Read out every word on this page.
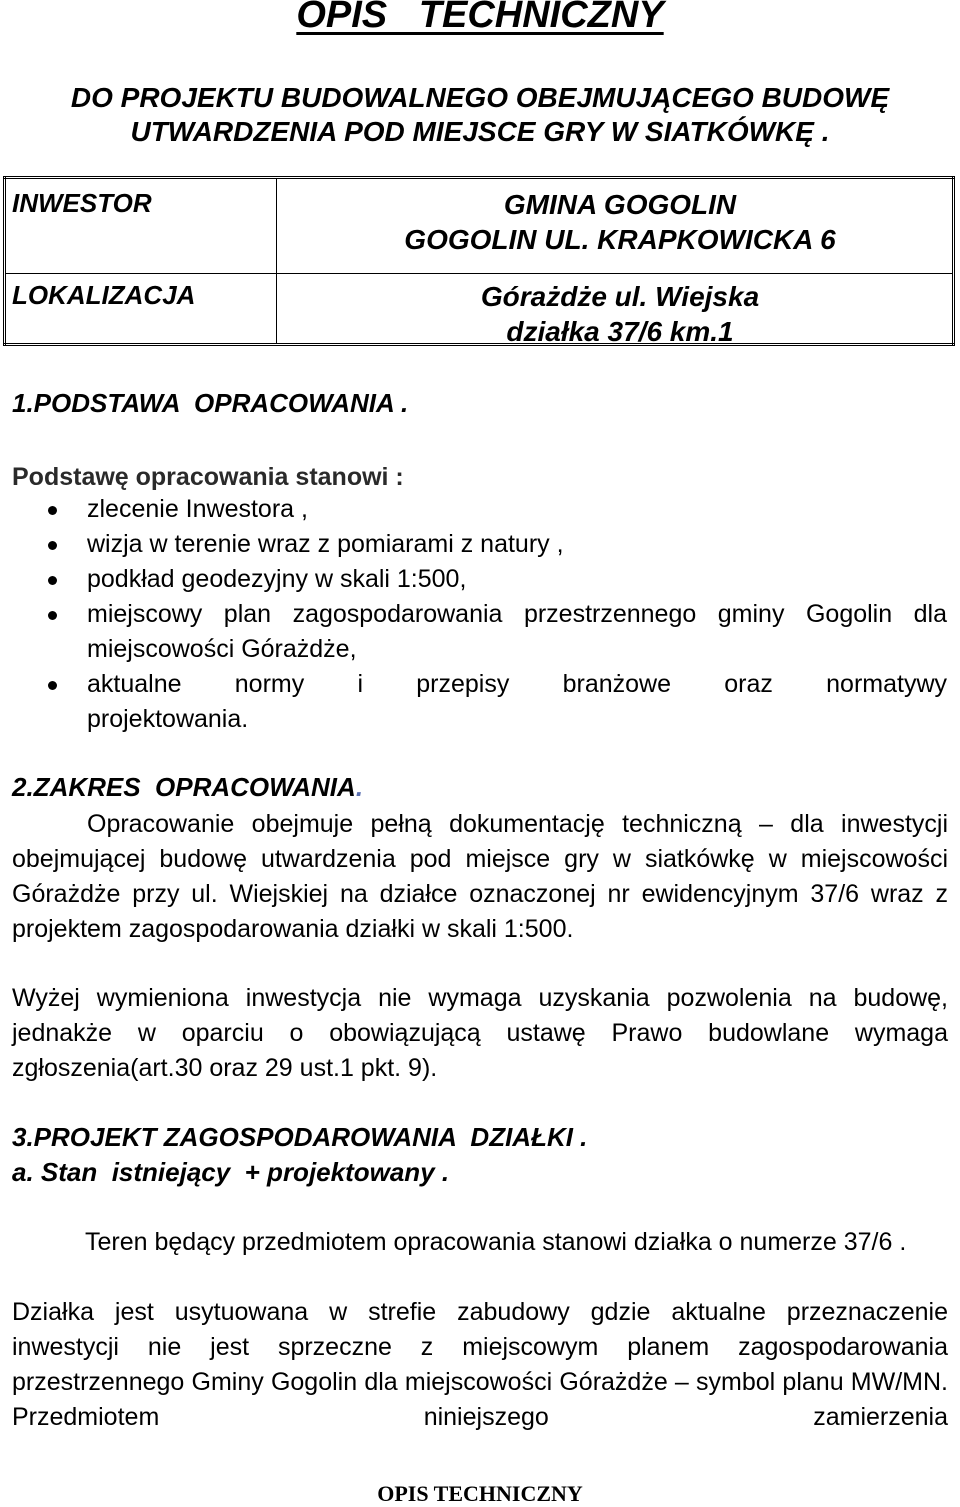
OPIS   TECHNICZNY
DO PROJEKTU BUDOWALNEGO OBEJMUJĄCEGO BUDOWĘ
UTWARDZENIA POD MIEJSCE GRY W SIATKÓWKĘ .

INWESTOR	GMINA GOGOLIN
GOGOLIN UL. KRAPKOWICKA 6
LOKALIZACJA	Górażdże ul. Wiejska
działka 37/6 km.1
1.PODSTAWA  OPRACOWANIA .
Podstawę opracowania stanowi :
zlecenie Inwestora ,
wizja w terenie wraz z pomiarami z natury ,
podkład geodezyjny w skali 1:500,
miejscowy plan zagospodarowania przestrzennego gminy Gogolin dla miejscowości Górażdże,
aktualne   normy   i   przepisy   branżowe   oraz   normatywy
projektowania.
2.ZAKRES  OPRACOWANIA.
Opracowanie obejmuje pełną dokumentację techniczną – dla inwestycji obejmującej budowę utwardzenia pod miejsce gry w siatkówkę w miejscowości Górażdże przy ul. Wiejskiej na działce oznaczonej nr ewidencyjnym 37/6 wraz z projektem zagospodarowania działki w skali 1:500.
Wyżej wymieniona inwestycja nie wymaga uzyskania pozwolenia na budowę, jednakże w oparciu o obowiązującą ustawę Prawo budowlane wymaga zgłoszenia(art.30 oraz 29 ust.1 pkt. 9).
3.PROJEKT ZAGOSPODAROWANIA  DZIAŁKI .
a. Stan  istniejący  + projektowany .
Teren będący przedmiotem opracowania stanowi działka o numerze 37/6 .
Działka jest usytuowana w strefie zabudowy gdzie aktualne przeznaczenie inwestycji nie jest sprzeczne z miejscowym planem zagospodarowania przestrzennego Gminy Gogolin dla miejscowości Górażdże – symbol planu MW/MN. Przedmiotem niniejszego zamierzenia
OPIS TECHNICZNY
